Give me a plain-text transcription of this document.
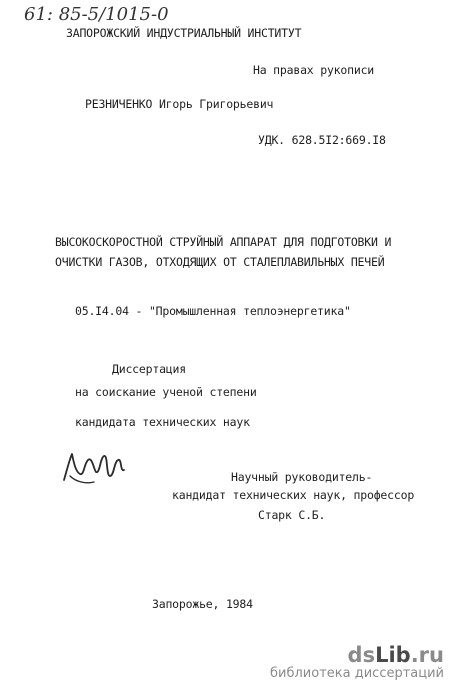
61: 85-5/1015-0
ЗАПОРОЖСКИЙ ИНДУСТРИАЛЬНЫЙ ИНСТИТУТ
На правах рукописи
РЕЗНИЧЕНКО Игорь Григорьевич
УДК. 628.5I2:669.I8
ВЫСОКОСКОРОСТНОЙ СТРУЙНЫЙ АППАРАТ ДЛЯ ПОДГОТОВКИ И
ОЧИСТКИ ГАЗОВ, ОТХОДЯЩИХ ОТ СТАЛЕПЛАВИЛЬНЫХ ПЕЧЕЙ
05.I4.04 - "Промышленная теплоэнергетика"
Диссертация
на соискание ученой степени
кандидата технических наук
Научный руководитель-
кандидат технических наук, профессор
Старк С.Б.
Запорожье, 1984
dsLib.ru
библиотека диссертаций
